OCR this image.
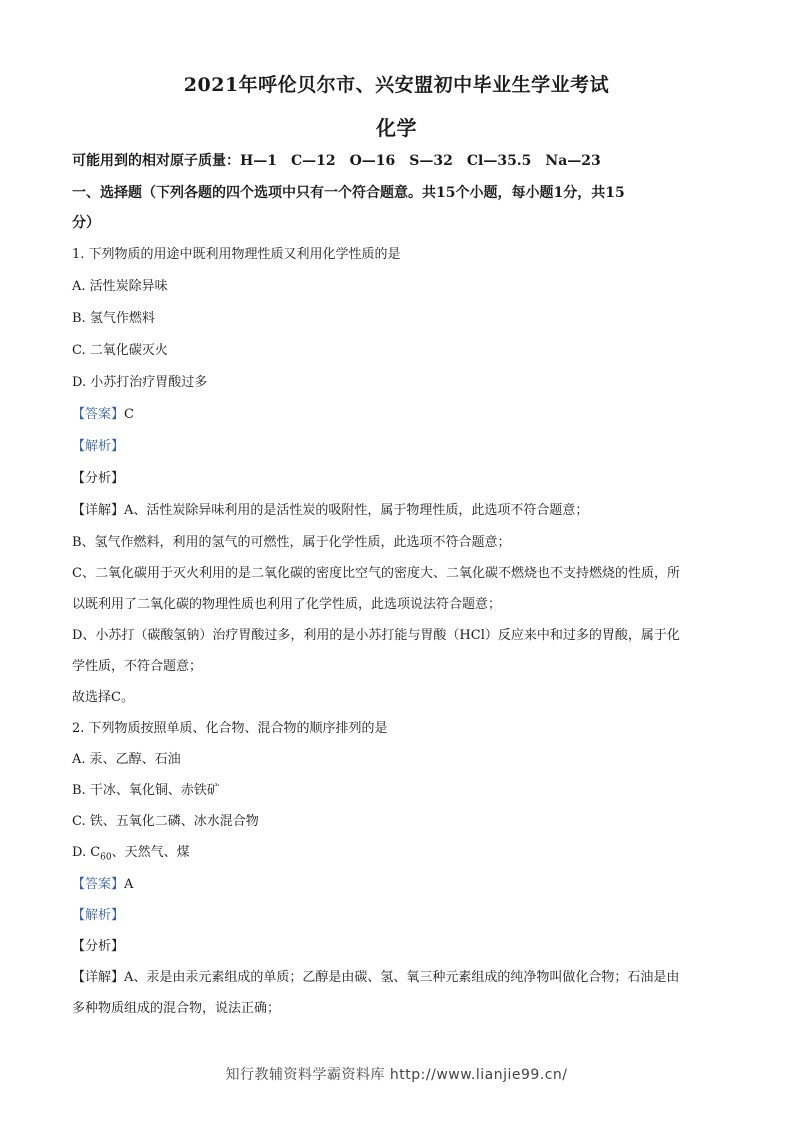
2021年呼伦贝尔市、兴安盟初中毕业生学业考试
化学
可能用到的相对原子质量：H—1　C—12　O—16　S—32　Cl—35.5　Na—23
一、选择题（下列各题的四个选项中只有一个符合题意。共15个小题，每小题1分，共15
分）
1. 下列物质的用途中既利用物理性质又利用化学性质的是
A. 活性炭除异味
B. 氢气作燃料
C. 二氧化碳灭火
D. 小苏打治疗胃酸过多
【答案】C
【解析】
【分析】
【详解】A、活性炭除异味利用的是活性炭的吸附性，属于物理性质，此选项不符合题意；
B、氢气作燃料，利用的氢气的可燃性，属于化学性质，此选项不符合题意；
C、二氧化碳用于灭火利用的是二氧化碳的密度比空气的密度大、二氧化碳不燃烧也不支持燃烧的性质，所
以既利用了二氧化碳的物理性质也利用了化学性质，此选项说法符合题意；
D、小苏打（碳酸氢钠）治疗胃酸过多，利用的是小苏打能与胃酸（HCl）反应来中和过多的胃酸，属于化
学性质，不符合题意；
故选择C。
2. 下列物质按照单质、化合物、混合物的顺序排列的是
A. 汞、乙醇、石油
B. 干冰、氧化铜、赤铁矿
C. 铁、五氧化二磷、冰水混合物
D. $C_{60}$、天然气、煤
【答案】A
【解析】
【分析】
【详解】A、汞是由汞元素组成的单质；乙醇是由碳、氢、氧三种元素组成的纯净物叫做化合物；石油是由
多种物质组成的混合物，说法正确；
知行教辅资料学霸资料库 http://www.lianjie99.cn/
